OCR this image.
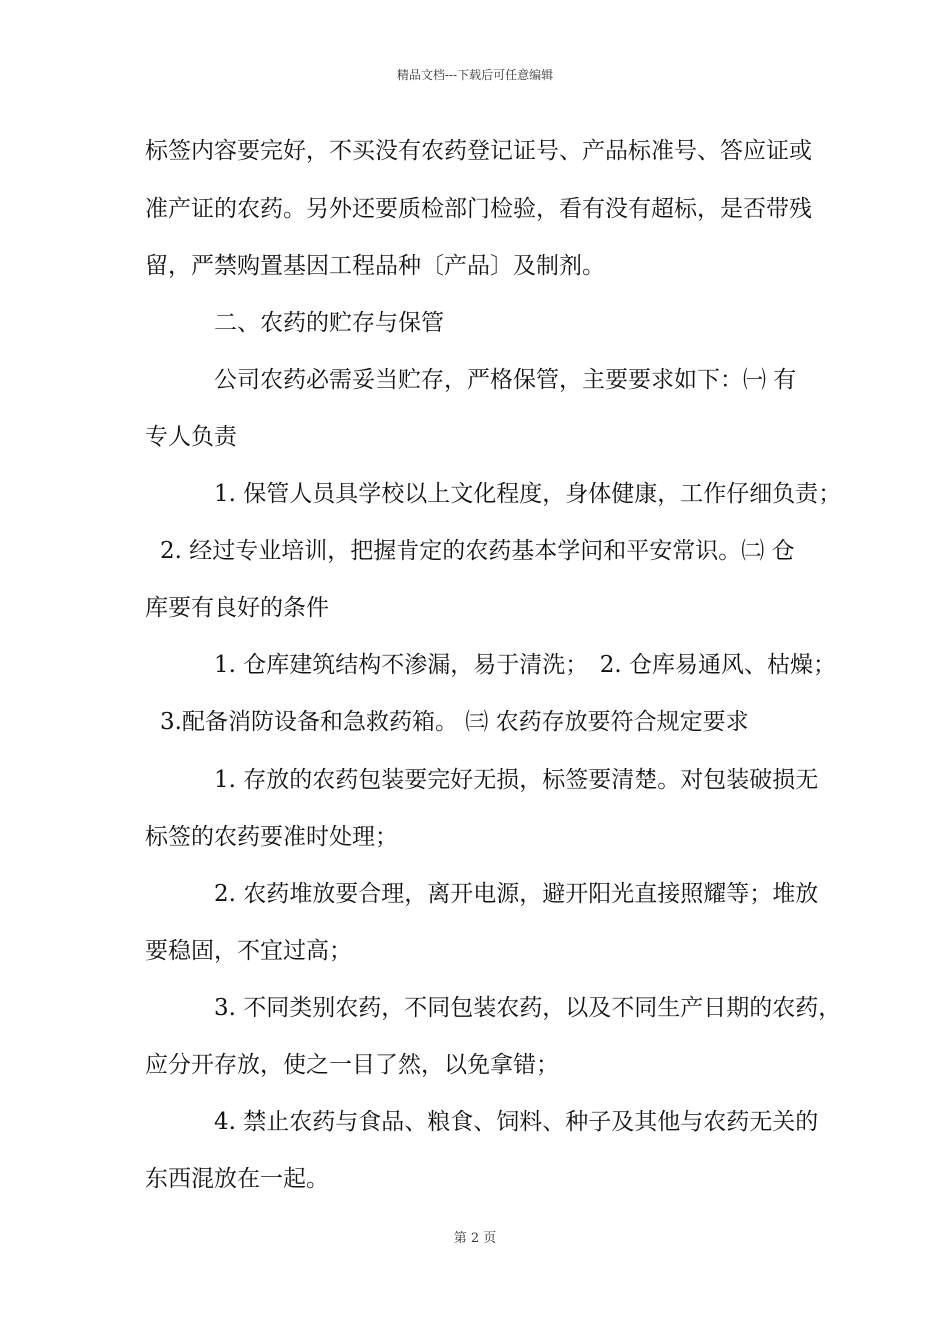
精品文档---下载后可任意编辑
标签内容要完好，不买没有农药登记证号、产品标准号、答应证或
准产证的农药。另外还要质检部门检验，看有没有超标，是否带残
留，严禁购置基因工程品种〔产品〕及制剂。
二、农药的贮存与保管
公司农药必需妥当贮存，严格保管，主要要求如下：㈠ 有
专人负责
1. 保管人员具学校以上文化程度，身体健康，工作仔细负责；
2. 经过专业培训，把握肯定的农药基本学问和平安常识。㈡ 仓
库要有良好的条件
1. 仓库建筑结构不渗漏，易于清洗；　2. 仓库易通风、枯燥；
3.配备消防设备和急救药箱。 ㈢ 农药存放要符合规定要求
1. 存放的农药包装要完好无损，标签要清楚。对包装破损无
标签的农药要准时处理；
2. 农药堆放要合理，离开电源，避开阳光直接照耀等；堆放
要稳固，不宜过高；
3. 不同类别农药，不同包装农药，以及不同生产日期的农药，
应分开存放，使之一目了然，以免拿错；
4. 禁止农药与食品、粮食、饲料、种子及其他与农药无关的
东西混放在一起。
第 2 页
